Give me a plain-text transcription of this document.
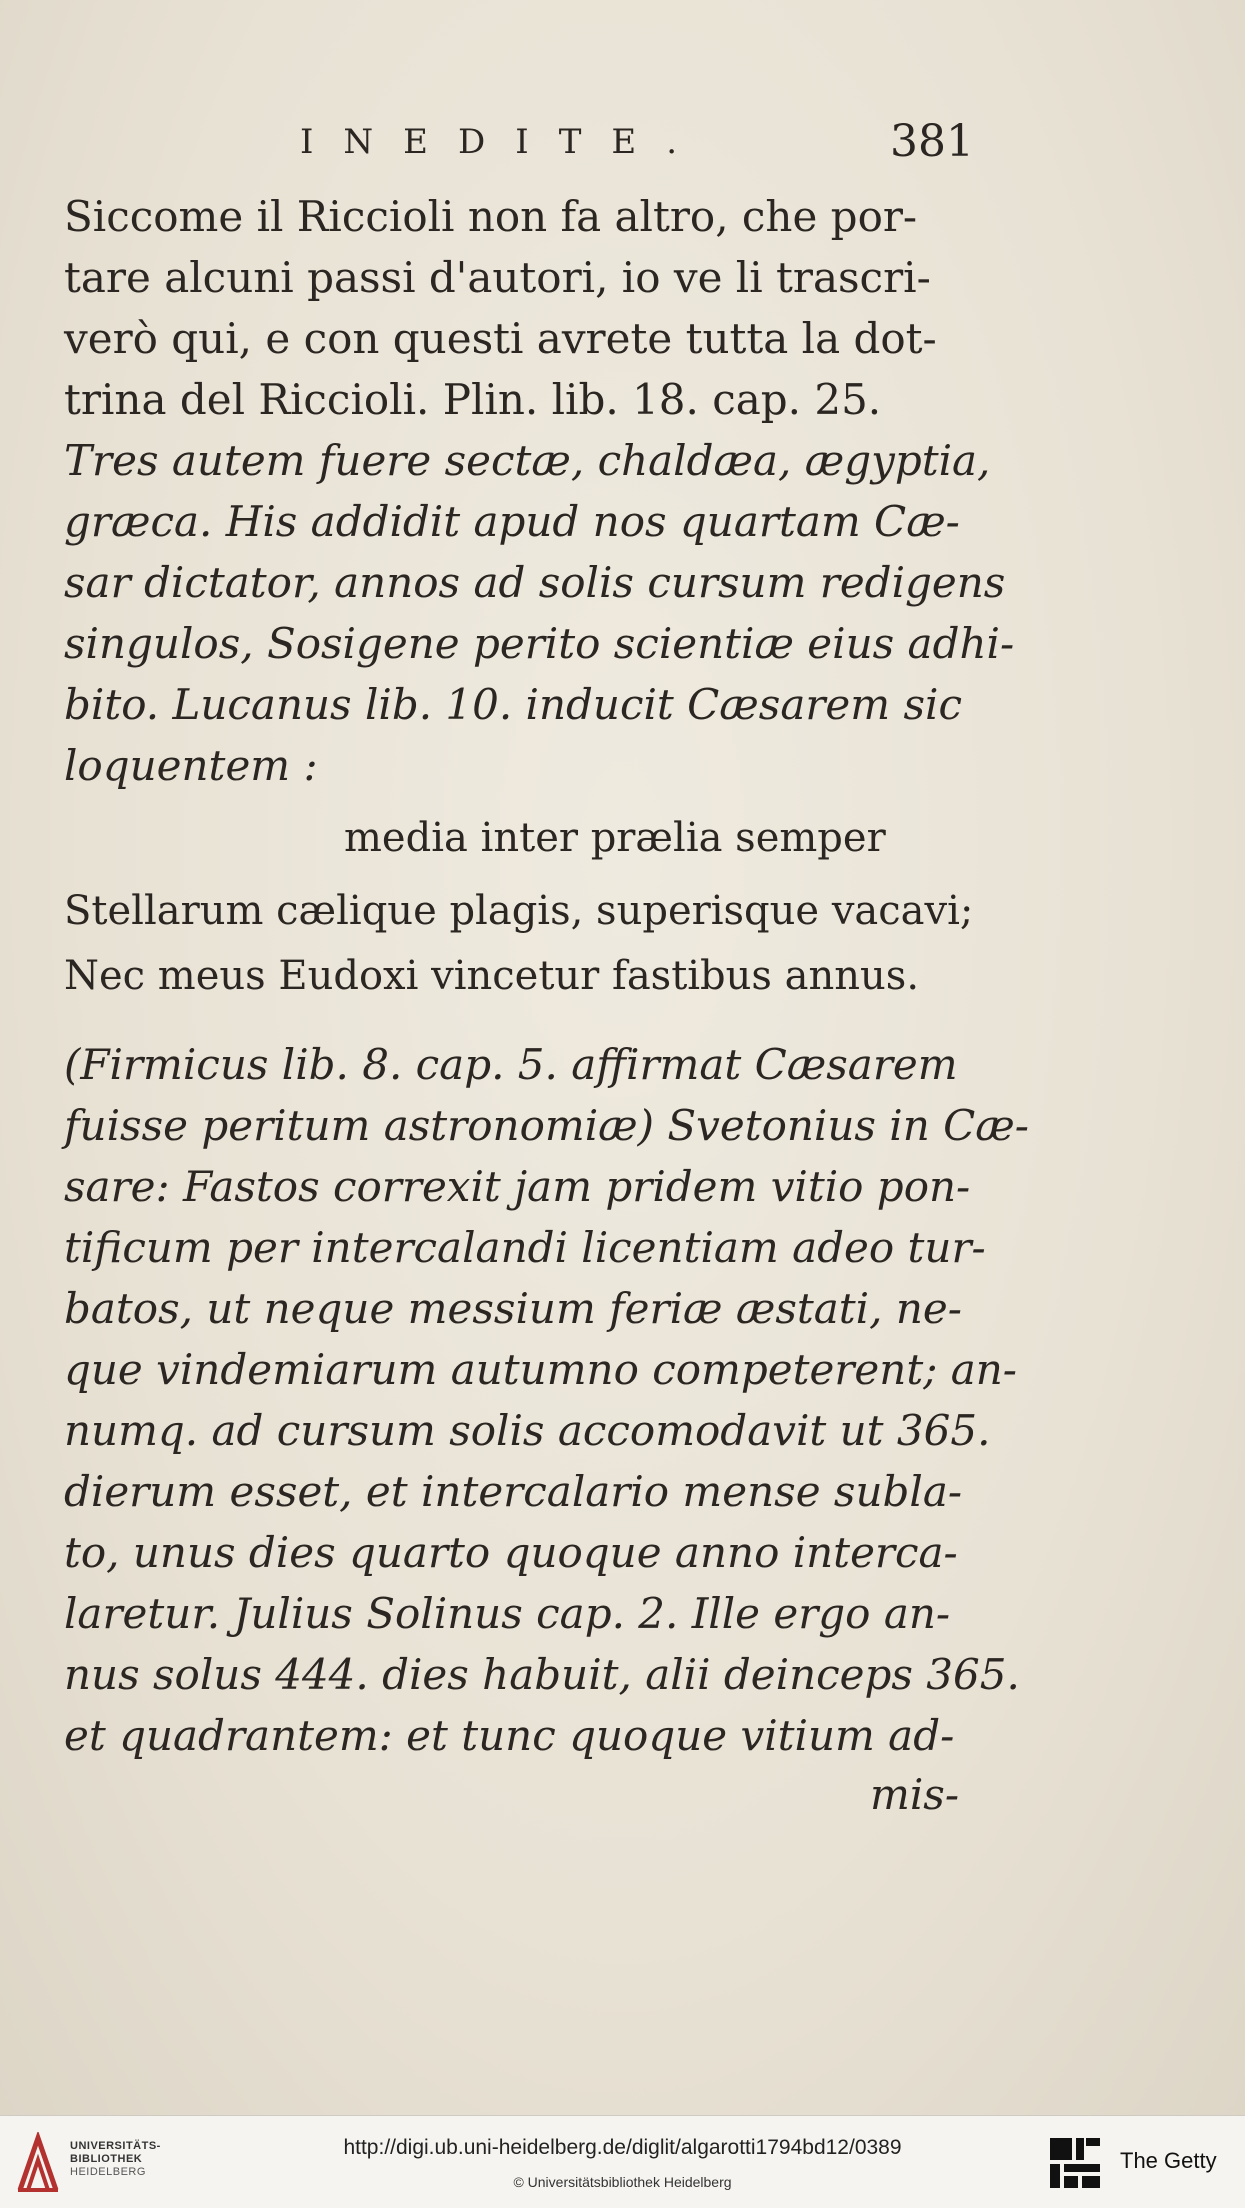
INEDITE.	381
Siccome il Riccioli non fa altro, che por-
tare alcuni passi d'autori, io ve li trascri-
verò qui, e con questi avrete tutta la dot-
trina del Riccioli. Plin. lib. 18. cap. 25.
Tres autem fuere sectæ, chaldæa, ægyptia,
græca. His addidit apud nos quartam Cæ-
sar dictator, annos ad solis cursum redigens
singulos, Sosigene perito scientiæ eius adhi-
bito. Lucanus lib. 10. inducit Cæsarem sic
loquentem :
media inter prælia semper
Stellarum cælique plagis, superisque vacavi;
Nec meus Eudoxi vincetur fastibus annus.
(Firmicus lib. 8. cap. 5. affirmat Cæsarem
fuisse peritum astronomiæ) Svetonius in Cæ-
sare: Fastos correxit jam pridem vitio pon-
tificum per intercalandi licentiam adeo tur-
batos, ut neque messium feriæ æstati, ne-
que vindemiarum autumno competerent; an-
numq. ad cursum solis accomodavit ut 365.
dierum esset, et intercalario mense subla-
to, unus dies quarto quoque anno interca-
laretur. Julius Solinus cap. 2. Ille ergo an-
nus solus 444. dies habuit, alii deinceps 365.
et quadrantem: et tunc quoque vitium ad-
mis-
UNIVERSITÄTS-
BIBLIOTHEK
HEIDELBERG
http://digi.ub.uni-heidelberg.de/diglit/algarotti1794bd12/0389
© Universitätsbibliothek Heidelberg
The Getty
